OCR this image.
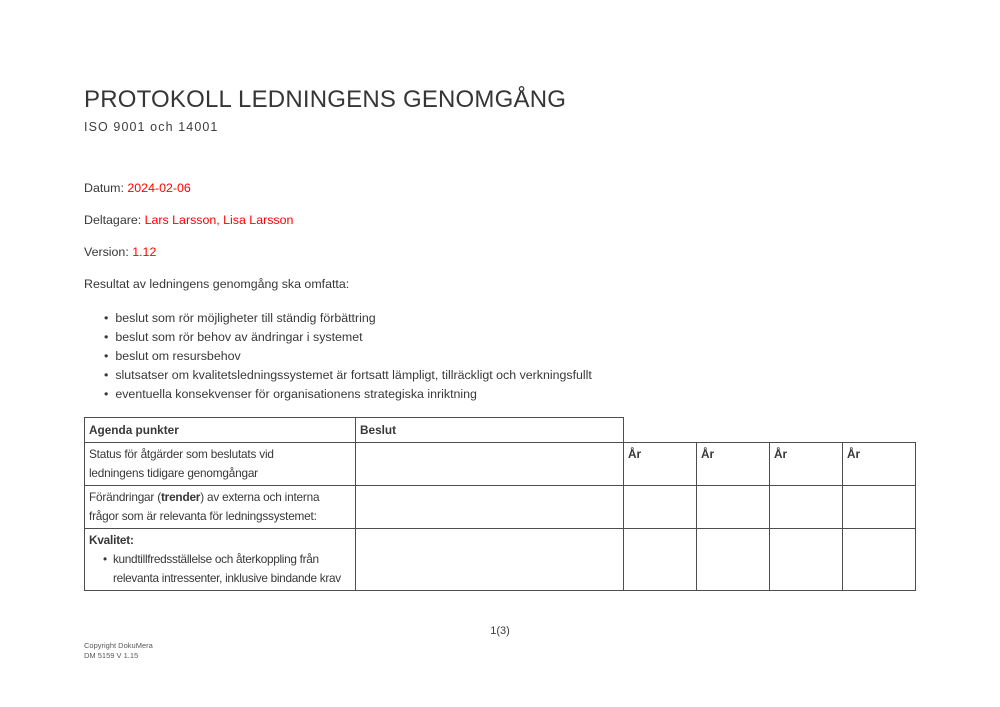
PROTOKOLL LEDNINGENS GENOMGÅNG
ISO 9001 och 14001

Datum: 2024-02-06

Deltagare: Lars Larsson, Lisa Larsson

Version: 1.12

Resultat av ledningens genomgång ska omfatta:

• beslut som rör möjligheter till ständig förbättring
• beslut som rör behov av ändringar i systemet
• beslut om resursbehov
• slutsatser om kvalitetsledningssystemet är fortsatt lämpligt, tillräckligt och verkningsfullt
• eventuella konsekvenser för organisationens strategiska inriktning
Agenda punkter	Beslut				
Status för åtgärder som beslutats vid ledningens tidigare genomgångar		År	År	År	År
Förändringar (trender) av externa och interna frågor som är relevanta för ledningssystemet:					

Kvalitet:
• kundtillfredsställelse och återkoppling från relevanta intressenter, inklusive bindande krav

1(3)
Copyright DokuMera
DM 5159 V 1.15
